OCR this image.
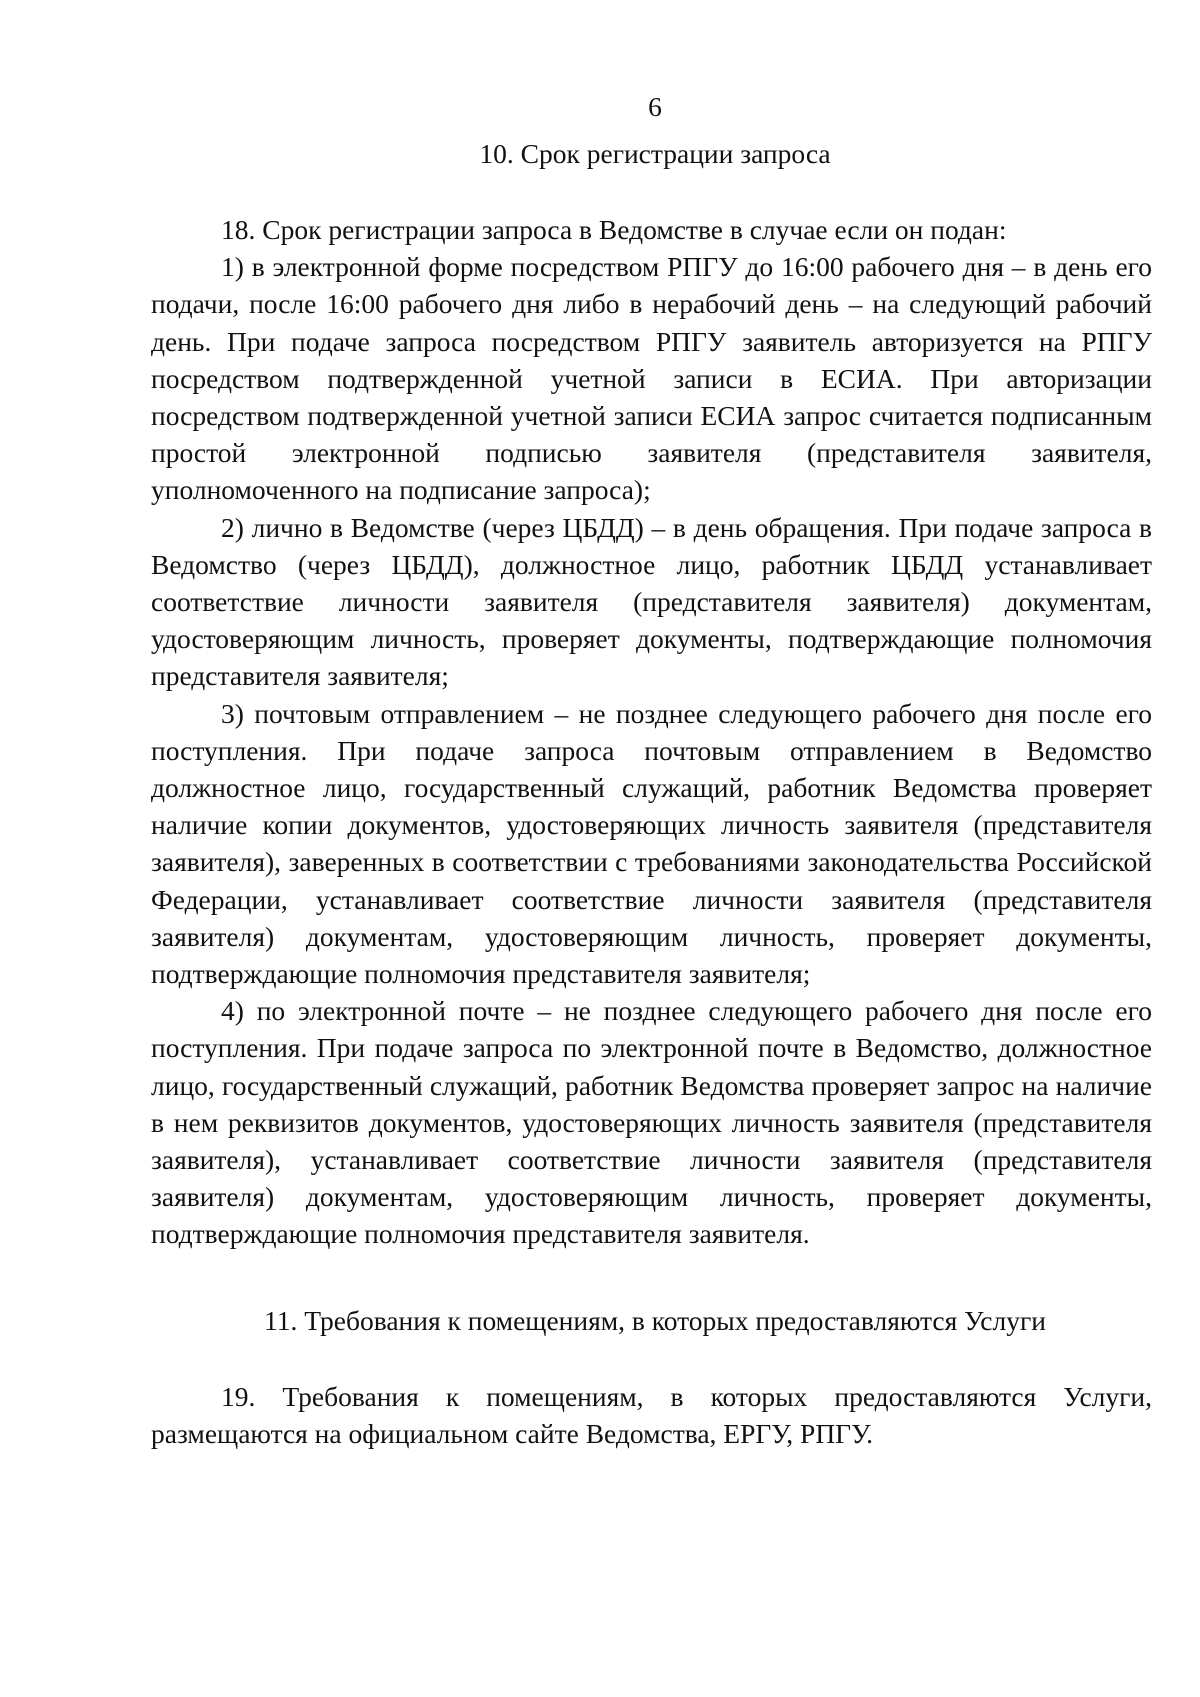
6
10. Срок регистрации запроса

18. Срок регистрации запроса в Ведомстве в случае если он подан:

1) в электронной форме посредством РПГУ до 16:00 рабочего дня – в день его подачи, после 16:00 рабочего дня либо в нерабочий день – на следующий рабочий день. При подаче запроса посредством РПГУ заявитель авторизуется на РПГУ посредством подтвержденной учетной записи в ЕСИА. При авторизации посредством подтвержденной учетной записи ЕСИА запрос считается подписанным простой электронной подписью заявителя (представителя заявителя, уполномоченного на подписание запроса);

2) лично в Ведомстве (через ЦБДД) – в день обращения. При подаче запроса в Ведомство (через ЦБДД), должностное лицо, работник ЦБДД устанавливает соответствие личности заявителя (представителя заявителя) документам, удостоверяющим личность, проверяет документы, подтверждающие полномочия представителя заявителя;

3) почтовым отправлением – не позднее следующего рабочего дня после его поступления. При подаче запроса почтовым отправлением в Ведомство должностное лицо, государственный служащий, работник Ведомства проверяет наличие копии документов, удостоверяющих личность заявителя (представителя заявителя), заверенных в соответствии с требованиями законодательства Российской Федерации, устанавливает соответствие личности заявителя (представителя заявителя) документам, удостоверяющим личность, проверяет документы, подтверждающие полномочия представителя заявителя;

4) по электронной почте – не позднее следующего рабочего дня после его поступления. При подаче запроса по электронной почте в Ведомство, должностное лицо, государственный служащий, работник Ведомства проверяет запрос на наличие в нем реквизитов документов, удостоверяющих личность заявителя (представителя заявителя), устанавливает соответствие личности заявителя (представителя заявителя) документам, удостоверяющим личность, проверяет документы, подтверждающие полномочия представителя заявителя.

11. Требования к помещениям, в которых предоставляются Услуги

19. Требования к помещениям, в которых предоставляются Услуги, размещаются на официальном сайте Ведомства, ЕРГУ, РПГУ.
